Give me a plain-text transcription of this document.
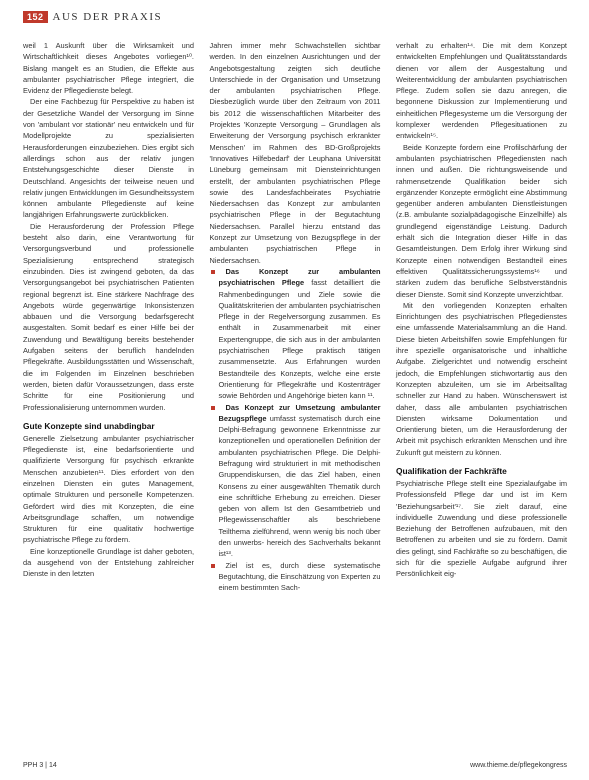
152 AUS DER PRAXIS

weil 1 Auskunft über die Wirksamkeit und Wirtschaftlichkeit dieses Angebotes vorliegen¹⁰. Bislang mangelt es an Studien, die Effekte aus ambulanter psychiatrischer Pflege integriert, die Evidenz der Pflegedienste belegt.

Der eine Fachbezug für Perspektive zu haben ist der Gesetzliche Wandel der Versorgung im Sinne von 'ambulant vor stationär' neu entwickeln und für Modellprojekte zu spezialisierten Herausforderungen einzubeziehen. Dies ergibt sich allerdings schon aus der relativ jungen Entstehungsgeschichte dieser Dienste in Deutschland. Angesichts der teilweise neuen und relativ jungen Entwicklungen im Gesundheitssystem können ambulante Pflegedienste auf keine langjährigen Erfahrungswerte zurückblicken.

Die Herausforderung der Profession Pflege besteht also darin, eine Verantwortung für Versorgungsverbund und professionelle Spezialisierung entsprechend strategisch einzubinden. Dies ist zwingend geboten, da das Versorgungsangebot bei psychiatrischen Patienten regional begrenzt ist. Eine stärkere Nachfrage des Angebots würde gegenwärtige Inkonsistenzen abbauen und die Versorgung bedarfsgerecht ausgestalten. Somit bedarf es einer Hilfe bei der Zuwendung und Bewältigung bereits bestehender Aufgaben seitens der beruflich handelnden Pflegekräfte. Ausbildungsstätten und Wissenschaft, die im Folgenden im Einzelnen beschrieben werden, bieten dafür Voraussetzungen, dass erste Schritte für eine Positionierung und Professionalisierung unternommen wurden.

Gute Konzepte sind unabdingbar

Generelle Zielsetzung ambulanter psychiatrischer Pflegedienste ist, eine bedarfsorientierte und qualifizierte Versorgung für psychisch erkrankte Menschen anzubieten¹¹. Dies erfordert von den einzelnen Diensten ein gutes Management, optimale Strukturen und personelle Kompetenzen. Gefördert wird dies mit Konzepten, die eine Arbeitsgrundlage schaffen, um notwendige Strukturen für eine qualitativ hochwertige psychiatrische Pflege zu fördern.

Eine konzeptionelle Grundlage ist daher geboten, da ausgehend von der Entstehung zahlreicher Dienste in den letzten

Jahren immer mehr Schwachstellen sichtbar werden. In den einzelnen Ausrichtungen und der Angebotsgestaltung zeigten sich deutliche Unterschiede in der Organisation und Umsetzung der ambulanten psychiatrischen Pflege. Diesbezüglich wurde über den Zeitraum von 2011 bis 2012 die wissenschaftlichen Mitarbeiter des Projektes 'Konzepte Versorgung – Grundlagen als Erweiterung der Versorgung psychisch erkrankter Menschen' im Rahmen des BD-Großprojekts 'Innovatives Hilfebedarf' der Leuphana Universität Lüneburg gemeinsam mit Diensteinrichtungen erstellt, der ambulanten psychiatrischen Pflege sowie des Landesfachbeirates Psychiatrie Niedersachsen das Konzept zur ambulanten psychiatrischen Pflege in der Begutachtung Niedersachsen. Parallel hierzu entstand das Konzept zur Umsetzung von Bezugspflege in der ambulanten psychiatrischen Pflege in Niedersachsen.

Das Konzept zur ambulanten psychiatrischen Pflege fasst detailliert die Rahmenbedingungen und Ziele sowie die Qualitätskriterien der ambulanten psychiatrischen Pflege in der Regelversorgung zusammen. Es enthält in Zusammenarbeit mit einer Expertengruppe, die sich aus in der ambulanten psychiatrischen Pflege praktisch tätigen zusammensetzte. Aus Erfahrungen wurden Bestandteile des Konzepts, welche eine erste Orientierung für Pflegekräfte und Kostenträger sowie Behörden und Angehörige bieten kann ¹¹.

Das Konzept zur Umsetzung ambulanter Bezugspflege umfasst systematisch durch eine Delphi-Befragung gewonnene Erkenntnisse zur konzeptionellen und operationellen Definition der ambulanten psychiatrischen Pflege. Die Delphi-Befragung wird strukturiert in mit methodischen Gruppendiskursen, die das Ziel haben, einen Konsens zu einer ausgewählten Thematik durch eine schriftliche Erhebung zu erreichen. Dieser geben von allem Ist den Gesamtbetrieb und Pflegewissenschaftler als beschriebene Teilthema zielführend, wenn wenig bis noch über den unwerbs- hereich des Sachverhalts bekannt ist¹³.

Ziel ist es, durch diese systematische Begutachtung, die Einschätzung von Experten zu einem bestimmten Sach-

verhalt zu erhalten¹⁴. Die mit dem Konzept entwickelten Empfehlungen und Qualitätsstandards dienen vor allem der Ausgestaltung und Weiterentwicklung der ambulanten psychiatrischen Pflege. Zudem sollen sie dazu anregen, die begonnene Diskussion zur Implementierung und einheitlichen Pflegesysteme um die Versorgung der komplexer werdenden Pflegesituationen zu entwickeln¹⁵.

Beide Konzepte fordern eine Profilschärfung der ambulanten psychiatrischen Pflegediensten nach innen und außen. Die richtungsweisende und rahmensetzende Qualifikation beider sich ergänzender Konzepte ermöglicht eine Abstimmung gegenüber anderen ambulanten Dienstleistungen (z.B. ambulante sozialpädagogische Einzelhilfe) als grundlegend eigenständige Leistung. Dadurch erhält sich die Integration dieser Hilfe in das Gesamtleistungen. Dem Erfolg ihrer Wirkung sind Konzepte einen notwendigen Bestandteil eines effektiven Qualitätssicherungssystems¹⁶ und stärken zudem das berufliche Selbstverständnis dieser Dienste. Somit sind Konzepte unverzichtbar.

Mit den vorliegenden Konzepten erhalten Einrichtungen des psychiatrischen Pflegedienstes eine umfassende Materialsammlung an die Hand. Diese bieten Arbeitshilfen sowie Empfehlungen für ihre spezielle organisatorische und inhaltliche Aufgabe. Zielgerichtet und notwendig erscheint jedoch, die Empfehlungen stichwortartig aus den Konzepten abzuleiten, um sie im Arbeitsalltag schneller zur Hand zu haben. Wünschenswert ist daher, dass alle ambulanten psychiatrischen Diensten wirksame Dokumentation und Orientierung bieten, um die Herausforderung der Arbeit mit psychisch erkrankten Menschen und ihre Zukunft gut meistern zu können.

Qualifikation der Fachkräfte

Psychiatrische Pflege stellt eine Spezialaufgabe im Professionsfeld Pflege dar und ist im Kern 'Beziehungsarbeit'¹⁷. Sie zielt darauf, eine individuelle Zuwendung und diese professionelle Beziehung der Betroffenen aufzubauen, mit den Betroffenen zu arbeiten und sie zu fördern. Damit dies gelingt, sind Fachkräfte so zu beschäftigen, die sich für die spezielle Aufgabe aufgrund ihrer Persönlichkeit eig-

PPH 3 | 14	www.thieme.de/pflegekongress
